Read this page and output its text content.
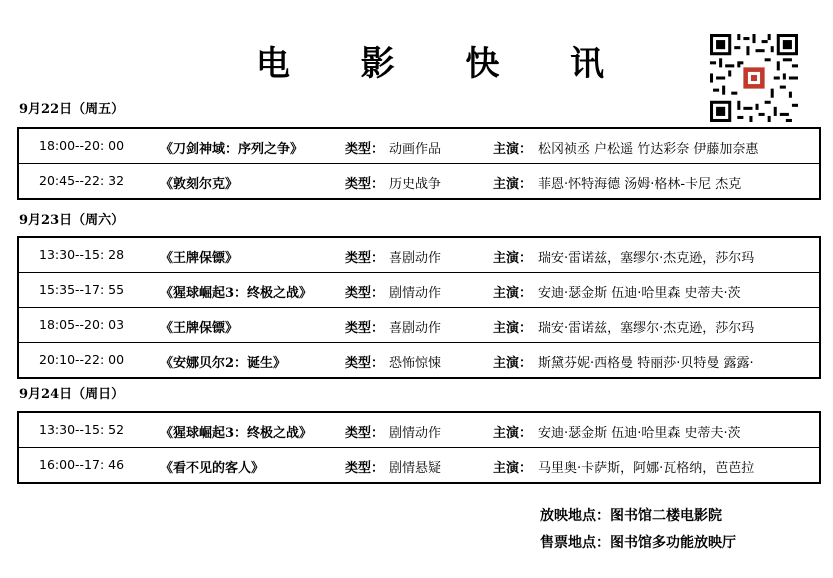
电 影 快 讯
9月22日（周五）
18:00--20: 00	《刀剑神域：序列之争》	类型： 动画作品	主演： 松冈祯丞 户松遥 竹达彩奈 伊藤加奈惠
20:45--22: 32	《敦刻尔克》	类型： 历史战争	主演： 菲恩·怀特海德 汤姆·格林-卡尼 杰克
9月23日（周六）
13:30--15: 28	《王牌保镖》	类型： 喜剧动作	主演： 瑞安·雷诺兹，塞缪尔·杰克逊，莎尔玛
15:35--17: 55	《猩球崛起3：终极之战》	类型： 剧情动作	主演： 安迪·瑟金斯 伍迪·哈里森 史蒂夫·茨
18:05--20: 03	《王牌保镖》	类型： 喜剧动作	主演： 瑞安·雷诺兹，塞缪尔·杰克逊，莎尔玛
20:10--22: 00	《安娜贝尔2：诞生》	类型： 恐怖惊悚	主演： 斯黛芬妮·西格曼 特丽莎·贝特曼 露露·
9月24日（周日）
13:30--15: 52	《猩球崛起3：终极之战》	类型： 剧情动作	主演： 安迪·瑟金斯 伍迪·哈里森 史蒂夫·茨
16:00--17: 46	《看不见的客人》	类型： 剧情悬疑	主演： 马里奥·卡萨斯，阿娜·瓦格纳，芭芭拉
放映地点：图书馆二楼电影院
售票地点：图书馆多功能放映厅
